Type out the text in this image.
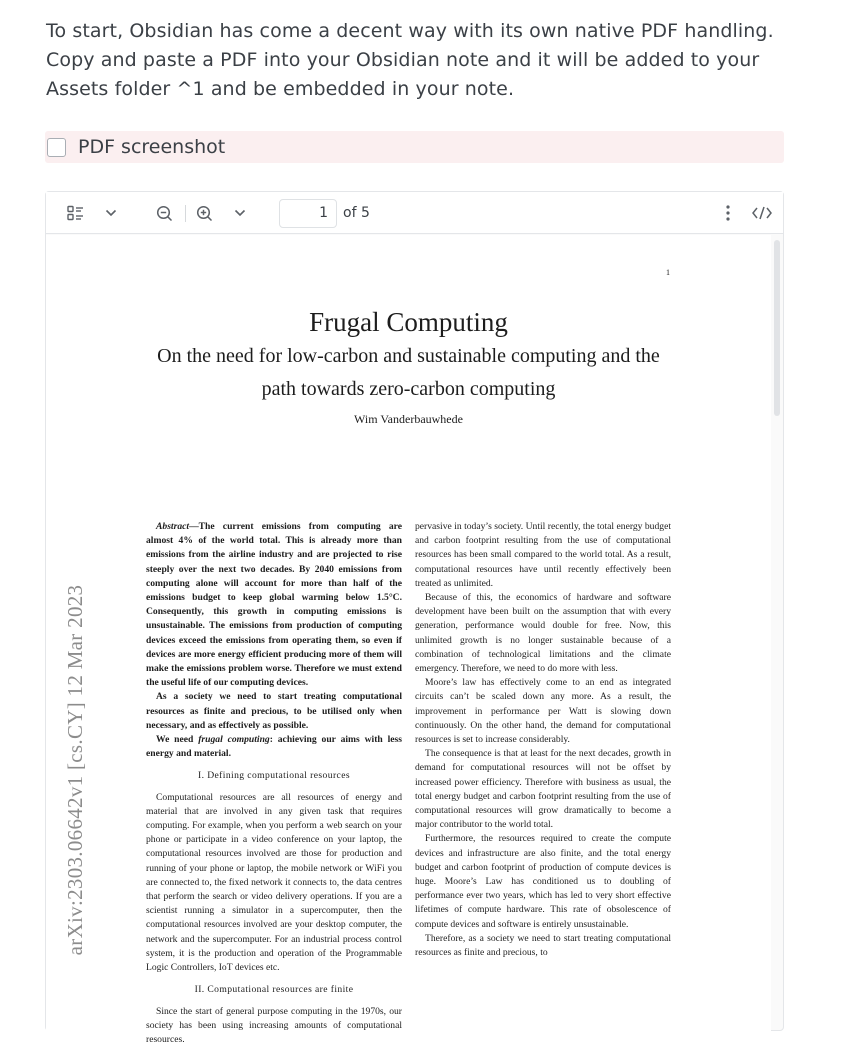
To start, Obsidian has come a decent way with its own native PDF handling. Copy and paste a PDF into your Obsidian note and it will be added to your Assets folder ^1 and be embedded in your note.
PDF screenshot
1	of 5
1
Frugal Computing
On the need for low-carbon and sustainable computing and the
path towards zero-carbon computing
Wim Vanderbauwhede
arXiv:2303.06642v1 [cs.CY] 12 Mar 2023

Abstract—The current emissions from computing are almost 4% of the world total. This is already more than emissions from the airline industry and are projected to rise steeply over the next two decades. By 2040 emissions from computing alone will account for more than half of the emissions budget to keep global warming below 1.5°C. Consequently, this growth in computing emissions is unsustainable. The emissions from production of computing devices exceed the emissions from operating them, so even if devices are more energy efficient producing more of them will make the emissions problem worse. Therefore we must extend the useful life of our computing devices.

As a society we need to start treating computational resources as finite and precious, to be utilised only when necessary, and as effectively as possible.

We need frugal computing: achieving our aims with less energy and material.

I. Defining computational resources

Computational resources are all resources of energy and material that are involved in any given task that requires computing. For example, when you perform a web search on your phone or participate in a video conference on your laptop, the computational resources involved are those for production and running of your phone or laptop, the mobile network or WiFi you are connected to, the fixed network it connects to, the data centres that perform the search or video delivery operations. If you are a scientist running a simulator in a supercomputer, then the computational resources involved are your desktop computer, the network and the supercomputer. For an industrial process control system, it is the production and operation of the Programmable Logic Controllers, IoT devices etc.

II. Computational resources are finite

Since the start of general purpose computing in the 1970s, our society has been using increasing amounts of computational resources.

pervasive in today’s society. Until recently, the total energy budget and carbon footprint resulting from the use of computational resources has been small compared to the world total. As a result, computational resources have until recently effectively been treated as unlimited.

Because of this, the economics of hardware and software development have been built on the assumption that with every generation, performance would double for free. Now, this unlimited growth is no longer sustainable because of a combination of technological limitations and the climate emergency. Therefore, we need to do more with less.

Moore’s law has effectively come to an end as integrated circuits can’t be scaled down any more. As a result, the improvement in performance per Watt is slowing down continuously. On the other hand, the demand for computational resources is set to increase considerably.

The consequence is that at least for the next decades, growth in demand for computational resources will not be offset by increased power efficiency. Therefore with business as usual, the total energy budget and carbon footprint resulting from the use of computational resources will grow dramatically to become a major contributor to the world total.

Furthermore, the resources required to create the compute devices and infrastructure are also finite, and the total energy budget and carbon footprint of production of compute devices is huge. Moore’s Law has conditioned us to doubling of performance ever two years, which has led to very short effective lifetimes of compute hardware. This rate of obsolescence of compute devices and software is entirely unsustainable.

Therefore, as a society we need to start treating computational resources as finite and precious, to
